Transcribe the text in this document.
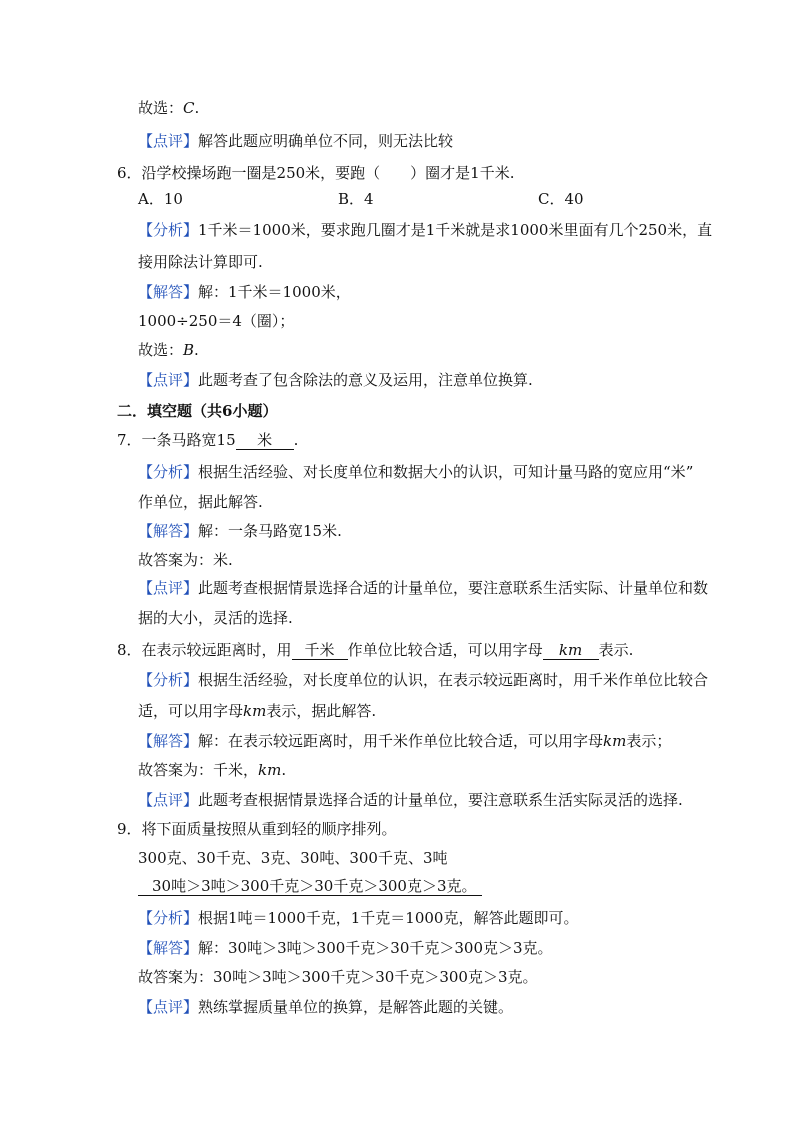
故选：C.
【点评】解答此题应明确单位不同，则无法比较
6．沿学校操场跑一圈是250米，要跑（　　）圈才是1千米.
A．10	B．4	C．40
【分析】1千米＝1000米，要求跑几圈才是1千米就是求1000米里面有几个250米，直
接用除法计算即可.
【解答】解：1千米＝1000米，
1000÷250＝4（圈）；
故选：B.
【点评】此题考查了包含除法的意义及运用，注意单位换算.
二．填空题（共6小题）
7．一条马路宽15 米 .
【分析】根据生活经验、对长度单位和数据大小的认识，可知计量马路的宽应用“米”
作单位，据此解答.
【解答】解：一条马路宽15米.
故答案为：米.
【点评】此题考查根据情景选择合适的计量单位，要注意联系生活实际、计量单位和数
据的大小，灵活的选择.
8．在表示较远距离时，用 千米 作单位比较合适，可以用字母 km 表示.
【分析】根据生活经验，对长度单位的认识，在表示较远距离时，用千米作单位比较合
适，可以用字母km表示，据此解答.
【解答】解：在表示较远距离时，用千米作单位比较合适，可以用字母km表示；
故答案为：千米，km.
【点评】此题考查根据情景选择合适的计量单位，要注意联系生活实际灵活的选择.
9．将下面质量按照从重到轻的顺序排列。
300克、30千克、3克、30吨、300千克、3吨
30吨＞3吨＞300千克＞30千克＞300克＞3克。
【分析】根据1吨＝1000千克，1千克＝1000克，解答此题即可。
【解答】解：30吨＞3吨＞300千克＞30千克＞300克＞3克。
故答案为：30吨＞3吨＞300千克＞30千克＞300克＞3克。
【点评】熟练掌握质量单位的换算，是解答此题的关键。
